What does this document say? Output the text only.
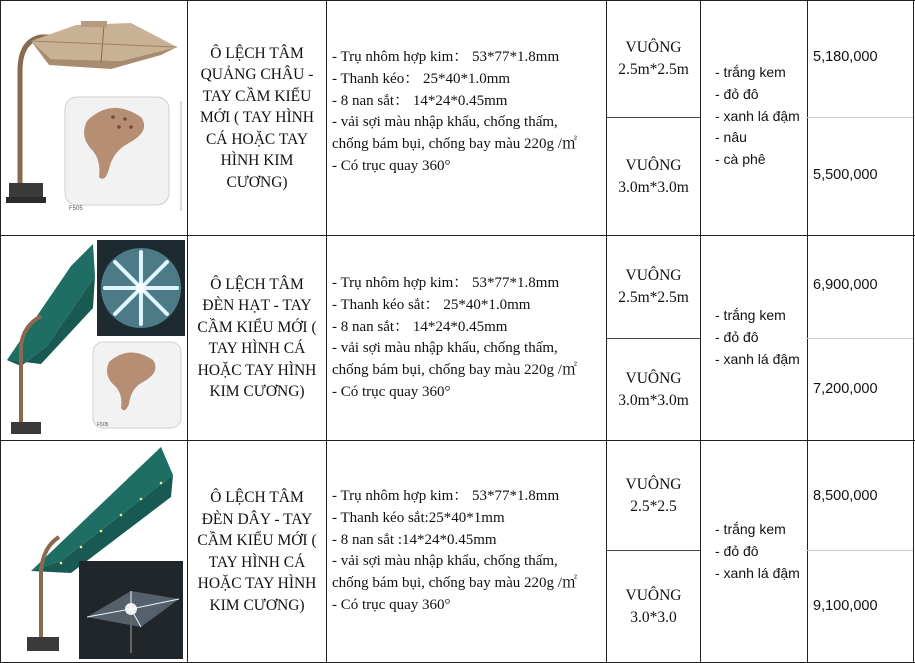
F505
Ô LỆCH TÂM QUẢNG CHÂU - TAY CẦM KIỂU MỚI ( TAY HÌNH CÁ HOẶC TAY HÌNH KIM CƯƠNG)
- Trụ nhôm hợp kim： 53*77*1.8mm
- Thanh kéo： 25*40*1.0mm
- 8 nan sắt： 14*24*0.45mm
- vải sợi màu nhập khẩu, chống thấm,
chống bám bụi, chống bay màu 220g /㎡
- Có trục quay 360°
VUÔNG 2.5m*2.5m
VUÔNG 3.0m*3.0m
- trắng kem
- đỏ đô
- xanh lá đậm
- nâu
- cà phê
5,180,000
5,500,000
F505
Ô LỆCH TÂM ĐÈN HẠT - TAY CẦM KIỂU MỚI ( TAY HÌNH CÁ HOẶC TAY HÌNH KIM CƯƠNG)
- Trụ nhôm hợp kim： 53*77*1.8mm
- Thanh kéo sắt： 25*40*1.0mm
- 8 nan sắt： 14*24*0.45mm
- vải sợi màu nhập khẩu, chống thấm,
chống bám bụi, chống bay màu 220g /㎡
- Có trục quay 360°
VUÔNG 2.5m*2.5m
VUÔNG 3.0m*3.0m
- trắng kem
- đỏ đô
- xanh lá đậm
6,900,000
7,200,000
Ô LỆCH TÂM ĐÈN DÂY - TAY CẦM KIỂU MỚI ( TAY HÌNH CÁ HOẶC TAY HÌNH KIM CƯƠNG)
- Trụ nhôm hợp kim： 53*77*1.8mm
- Thanh kéo sắt:25*40*1mm
- 8 nan sắt :14*24*0.45mm
- vải sợi màu nhập khẩu, chống thấm,
chống bám bụi, chống bay màu 220g /㎡
- Có trục quay 360°
VUÔNG 2.5*2.5
VUÔNG 3.0*3.0
- trắng kem
- đỏ đô
- xanh lá đậm
8,500,000
9,100,000
